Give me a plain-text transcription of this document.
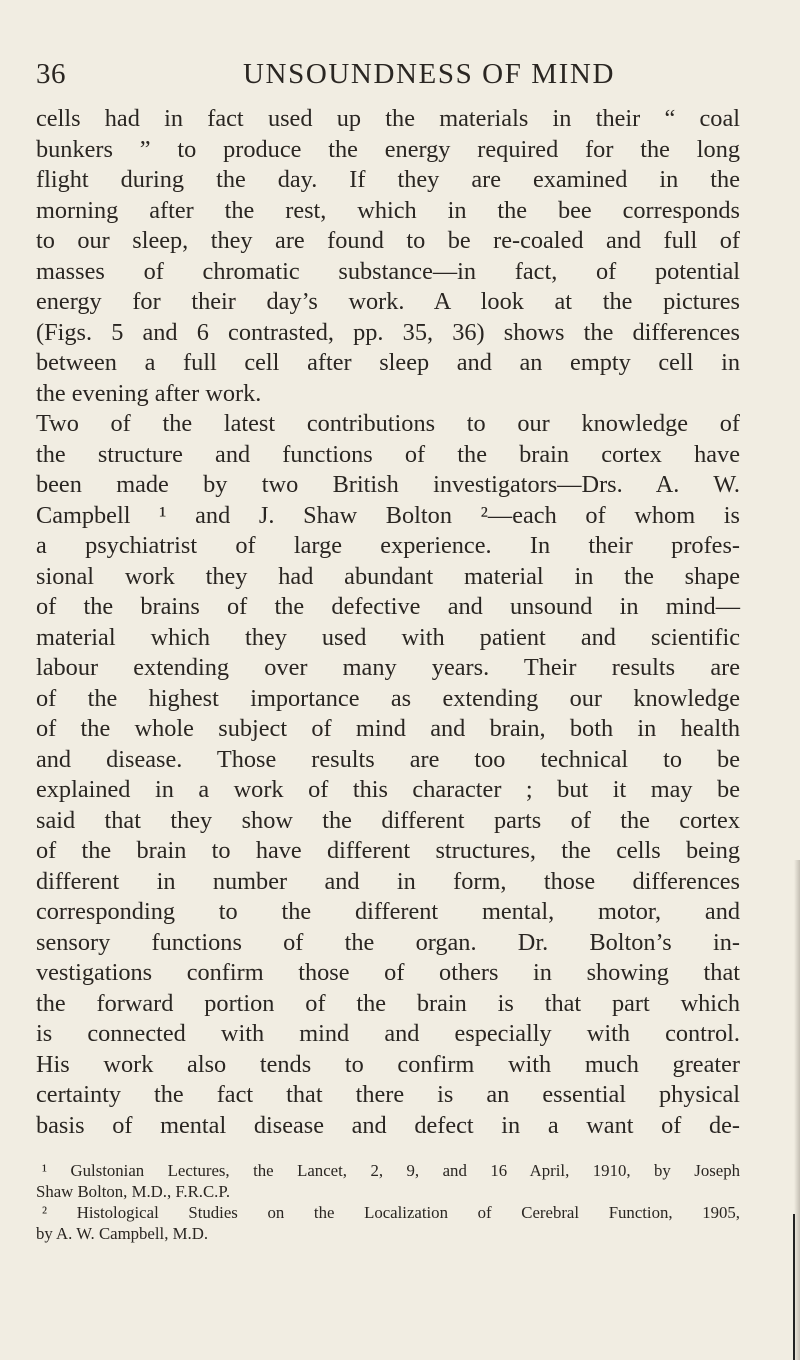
36	UNSOUNDNESS OF MIND
cells had in fact used up the materials in their “ coal
bunkers ” to produce the energy required for the long
flight during the day. If they are examined in the
morning after the rest, which in the bee corresponds
to our sleep, they are found to be re-coaled and full of
masses of chromatic substance—in fact, of potential
energy for their day’s work. A look at the pictures
(Figs. 5 and 6 contrasted, pp. 35, 36) shows the differences
between a full cell after sleep and an empty cell in
the evening after work.
Two of the latest contributions to our knowledge of
the structure and functions of the brain cortex have
been made by two British investigators—Drs. A. W.
Campbell ¹ and J. Shaw Bolton ²—each of whom is
a psychiatrist of large experience. In their profes-
sional work they had abundant material in the shape
of the brains of the defective and unsound in mind—
material which they used with patient and scientific
labour extending over many years. Their results are
of the highest importance as extending our knowledge
of the whole subject of mind and brain, both in health
and disease. Those results are too technical to be
explained in a work of this character ; but it may be
said that they show the different parts of the cortex
of the brain to have different structures, the cells being
different in number and in form, those differences
corresponding to the different mental, motor, and
sensory functions of the organ. Dr. Bolton’s in-
vestigations confirm those of others in showing that
the forward portion of the brain is that part which
is connected with mind and especially with control.
His work also tends to confirm with much greater
certainty the fact that there is an essential physical
basis of mental disease and defect in a want of de-
¹ Gulstonian Lectures, the Lancet, 2, 9, and 16 April, 1910, by Joseph
Shaw Bolton, M.D., F.R.C.P.
² Histological Studies on the Localization of Cerebral Function, 1905,
by A. W. Campbell, M.D.
